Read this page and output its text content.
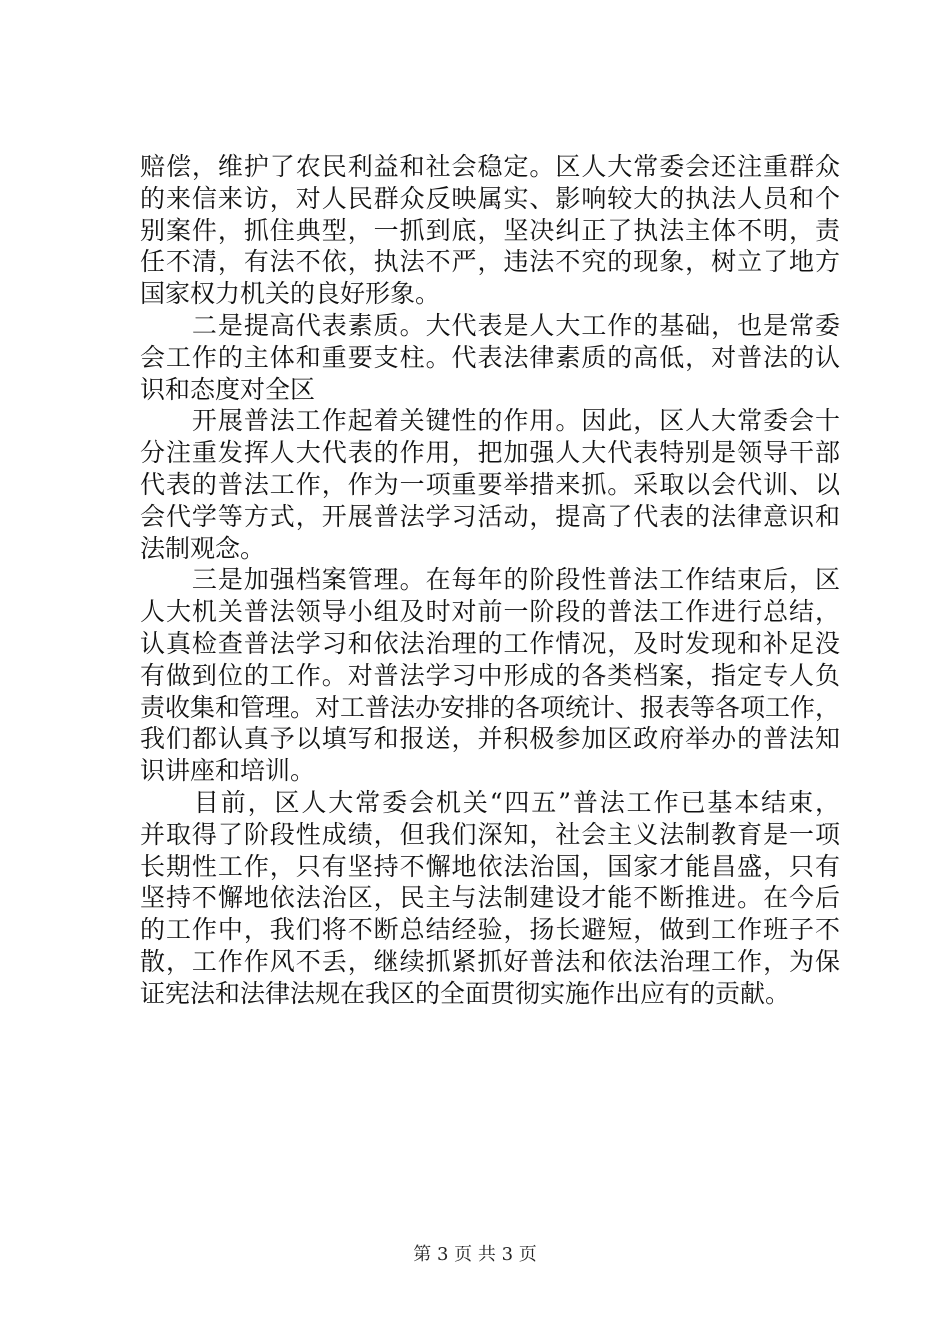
赔偿，维护了农民利益和社会稳定。区人大常委会还注重群众
的来信来访，对人民群众反映属实、影响较大的执法人员和个
别案件，抓住典型，一抓到底，坚决纠正了执法主体不明，责
任不清，有法不依，执法不严，违法不究的现象，树立了地方
国家权力机关的良好形象。
　　二是提高代表素质。大代表是人大工作的基础，也是常委
会工作的主体和重要支柱。代表法律素质的高低，对普法的认
识和态度对全区
　　开展普法工作起着关键性的作用。因此，区人大常委会十
分注重发挥人大代表的作用，把加强人大代表特别是领导干部
代表的普法工作，作为一项重要举措来抓。采取以会代训、以
会代学等方式，开展普法学习活动，提高了代表的法律意识和
法制观念。
　　三是加强档案管理。在每年的阶段性普法工作结束后，区
人大机关普法领导小组及时对前一阶段的普法工作进行总结，
认真检查普法学习和依法治理的工作情况，及时发现和补足没
有做到位的工作。对普法学习中形成的各类档案，指定专人负
责收集和管理。对工普法办安排的各项统计、报表等各项工作，
我们都认真予以填写和报送，并积极参加区政府举办的普法知
识讲座和培训。
　　目前，区人大常委会机关“四五”普法工作已基本结束，
并取得了阶段性成绩，但我们深知，社会主义法制教育是一项
长期性工作，只有坚持不懈地依法治国，国家才能昌盛，只有
坚持不懈地依法治区，民主与法制建设才能不断推进。在今后
的工作中，我们将不断总结经验，扬长避短，做到工作班子不
散，工作作风不丢，继续抓紧抓好普法和依法治理工作，为保
证宪法和法律法规在我区的全面贯彻实施作出应有的贡献。
第 3 页 共 3 页
